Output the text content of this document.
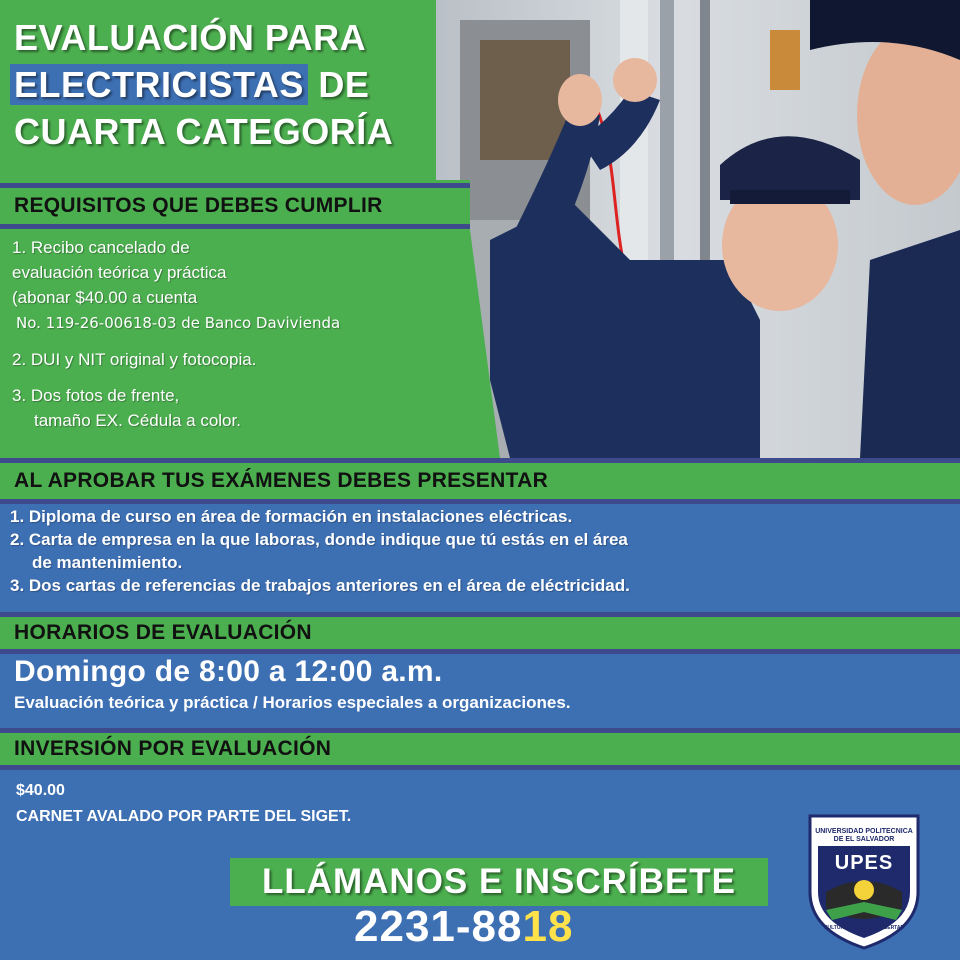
EVALUACIÓN PARA
ELECTRICISTAS DE
CUARTA CATEGORÍA
REQUISITOS QUE DEBES CUMPLIR

1. Recibo cancelado de
evaluación teórica y práctica
(abonar $40.00 a cuenta
No. 119-26-00618-03 de Banco Davivienda

2. DUI y NIT original y fotocopia.

3. Dos fotos de frente,
tamaño EX. Cédula a color.

AL APROBAR TUS EXÁMENES DEBES PRESENTAR

1. Diploma de curso en área de formación en instalaciones eléctricas.

2. Carta de empresa en la que laboras, donde indique que tú estás en el área

de mantenimiento.

3. Dos cartas de referencias de trabajos anteriores en el área de eléctricidad.

HORARIOS DE EVALUACIÓN
Domingo de 8:00 a 12:00 a.m.
Evaluación teórica y práctica / Horarios especiales a organizaciones.
INVERSIÓN POR EVALUACIÓN
$40.00
CARNET AVALADO POR PARTE DEL SIGET.
LLÁMANOS E INSCRÍBETE
2231-8818
UNIVERSIDAD POLITECNICA
DE EL SALVADOR
UPES
CULTURA PROGRESO LIBERTAD
